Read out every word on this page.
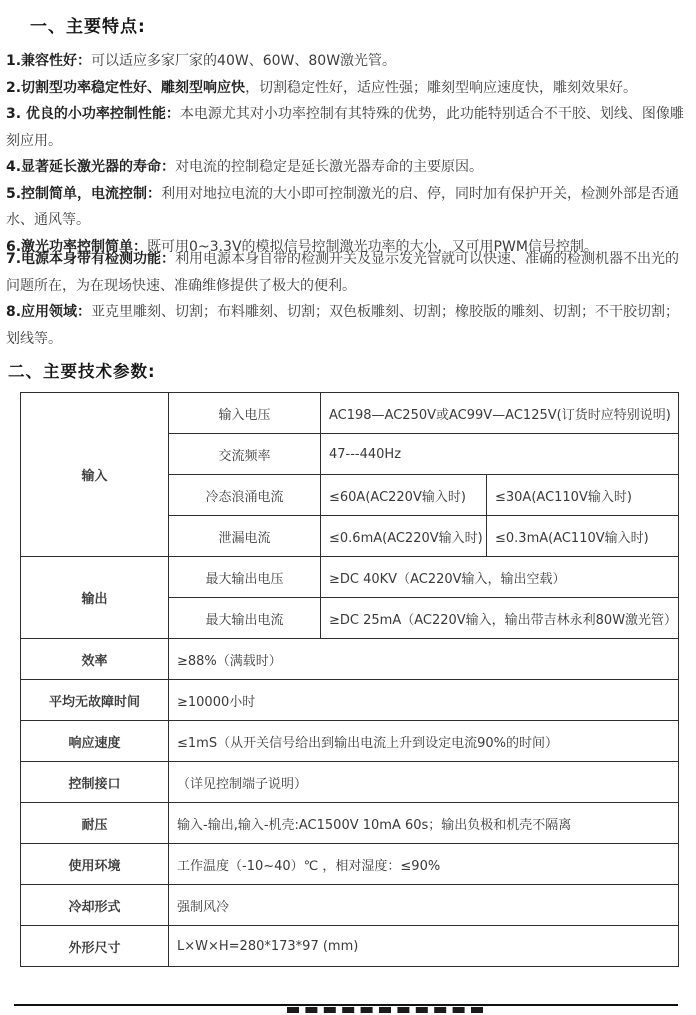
一、主要特点:

1.兼容性好：可以适应多家厂家的40W、60W、80W激光管。

2.切割型功率稳定性好、雕刻型响应快，切割稳定性好，适应性强；雕刻型响应速度快，雕刻效果好。

3. 优良的小功率控制性能：本电源尤其对小功率控制有其特殊的优势，此功能特别适合不干胶、划线、图像雕刻应用。

4.显著延长激光器的寿命：对电流的控制稳定是延长激光器寿命的主要原因。

5.控制简单，电流控制：利用对地拉电流的大小即可控制激光的启、停，同时加有保护开关，检测外部是否通水、通风等。

6.激光功率控制简单：既可用0~3.3V的模拟信号控制激光功率的大小，又可用PWM信号控制。

7.电源本身带有检测功能：利用电源本身自带的检测开关及显示发光管就可以快速、准确的检测机器不出光的问题所在，为在现场快速、准确维修提供了极大的便利。

8.应用领域：亚克里雕刻、切割；布料雕刻、切割；双色板雕刻、切割；橡胶版的雕刻、切割；不干胶切割；划线等。

二、主要技术参数:
输入	输入电压	AC198—AC250V或AC99V—AC125V(订货时应特别说明)	
	交流频率	47---440Hz	
	冷态浪涌电流	≤60A(AC220V输入时)	≤30A(AC110V输入时)
	泄漏电流	≤0.6mA(AC220V输入时)	≤0.3mA(AC110V输入时)
输出	最大输出电压	≥DC 40KV（AC220V输入，输出空载）	
	最大输出电流	≥DC 25mA（AC220V输入，输出带吉林永利80W激光管）	
效率	≥88%（满载时）		
平均无故障时间	≥10000小时		
响应速度	≤1mS（从开关信号给出到输出电流上升到设定电流90%的时间）		
控制接口	（详见控制端子说明）		
耐压	输入-输出,输入-机壳:AC1500V 10mA 60s；输出负极和机壳不隔离		
使用环境	工作温度（-10~40）℃ ，相对湿度：≤90%		
冷却形式	强制风冷		
外形尺寸	L×W×H=280*173*97 (mm)		
